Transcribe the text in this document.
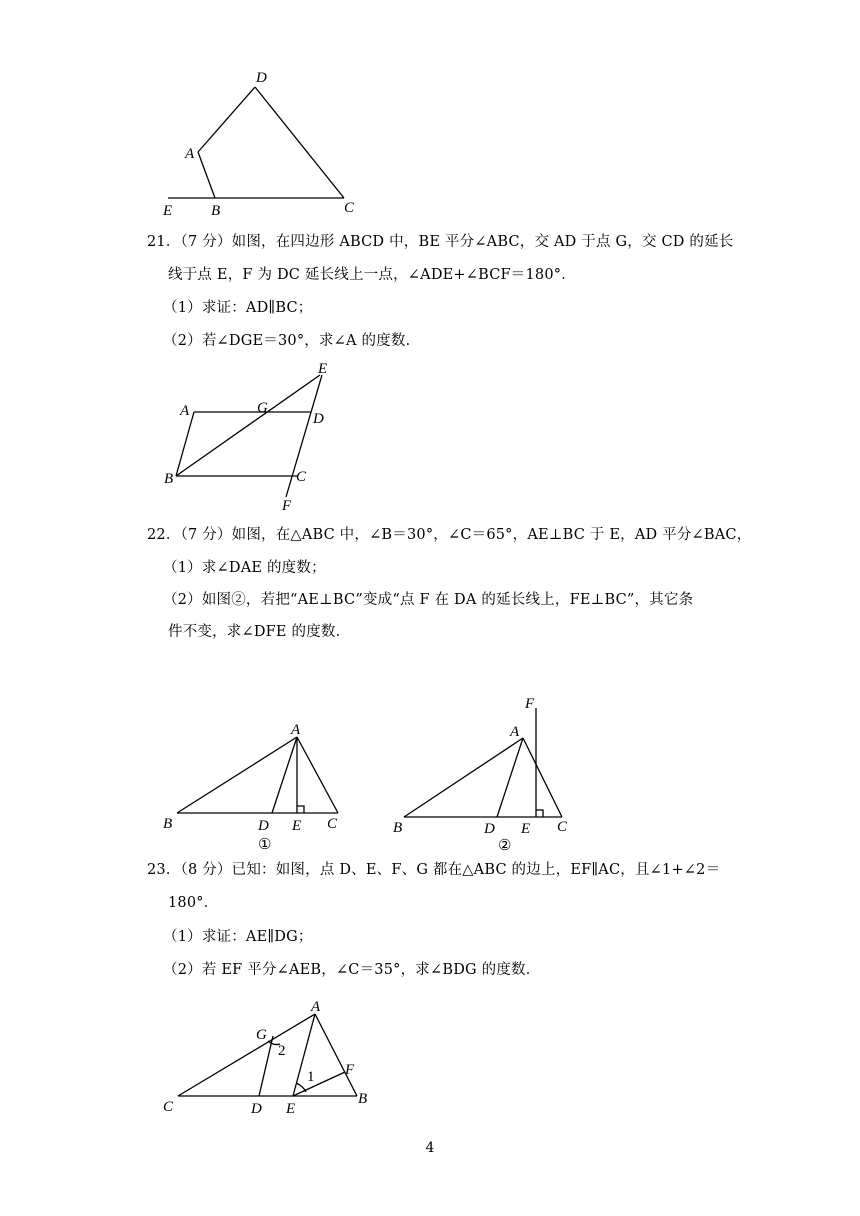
D
A
E	B	C
21．（7 分）如图，在四边形 ABCD 中，BE 平分∠ABC，交 AD 于点 G，交 CD 的延长
线于点 E，F 为 DC 延长线上一点，∠ADE+∠BCF＝180°．
（1）求证：AD∥BC；
（2）若∠DGE＝30°，求∠A 的度数．
E
A	G
D
B	C
F
22．（7 分）如图，在△ABC 中，∠B＝30°，∠C＝65°，AE⊥BC 于 E，AD 平分∠BAC，
（1）求∠DAE 的度数；
（2）如图②，若把“AE⊥BC”变成“点 F 在 DA 的延长线上，FE⊥BC”，其它条
件不变，求∠DFE 的度数．
A
B	D E C
①
F
A
B	D E C
②
23．（8 分）已知：如图，点 D、E、F、G 都在△ABC 的边上，EF∥AC，且∠1+∠2＝
180°．
（1）求证：AE∥DG；
（2）若 EF 平分∠AEB，∠C＝35°，求∠BDG 的度数．
A
G
2
1 F
C	D E
B
4
